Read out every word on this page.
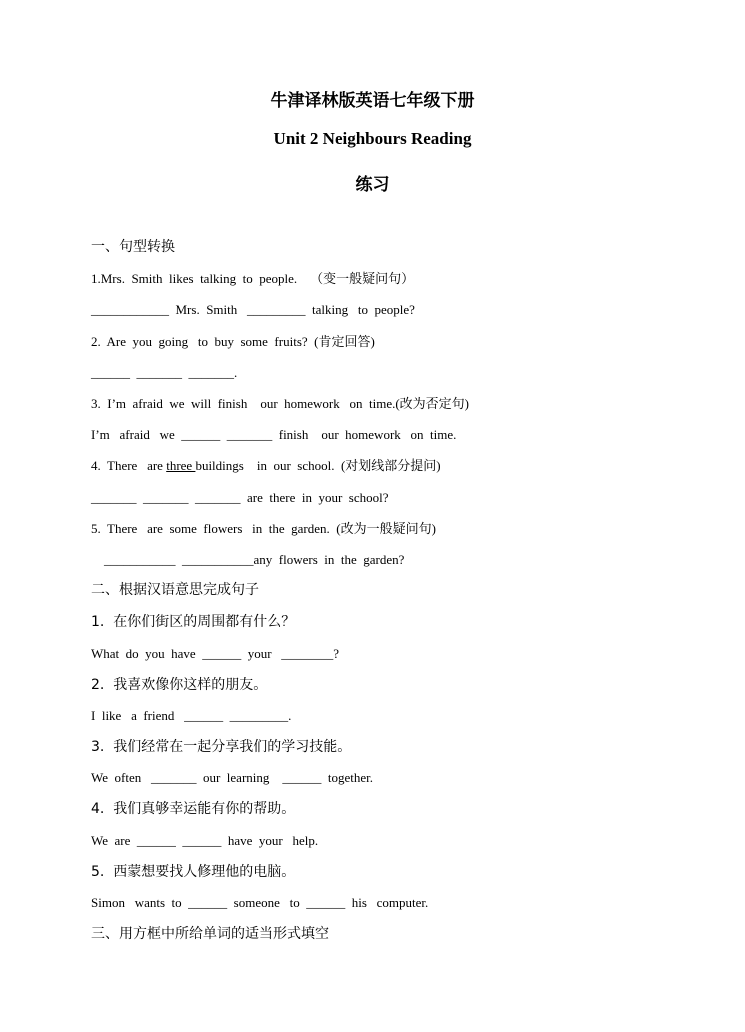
牛津译林版英语七年级下册
Unit 2 Neighbours Reading
练习
一、句型转换
1.Mrs.  Smith  likes  talking  to  people.    （变一般疑问句）
____________  Mrs.  Smith   _________  talking   to  people?
2.  Are  you  going   to  buy  some  fruits?  (肯定回答)
______  _______  _______.
3.  I’m  afraid  we  will  finish    our  homework   on  time.(改为否定句)
I’m   afraid   we  ______  _______  finish    our  homework   on  time.
4.  There   are three buildings    in  our  school.  (对划线部分提问)
_______  _______  _______  are  there  in  your  school?
5.  There   are  some  flowers   in  the  garden.  (改为一般疑问句)
___________  ___________any  flowers  in  the  garden?
二、根据汉语意思完成句子
1.  在你们街区的周围都有什么？
What  do  you  have  ______  your   ________?
2.  我喜欢像你这样的朋友。
I  like   a  friend   ______  _________.
3.  我们经常在一起分享我们的学习技能。
We  often   _______  our  learning    ______  together.
4.  我们真够幸运能有你的帮助。
We  are  ______  ______  have  your   help.
5.  西蒙想要找人修理他的电脑。
Simon   wants  to  ______  someone   to  ______  his   computer.
三、用方框中所给单词的适当形式填空
